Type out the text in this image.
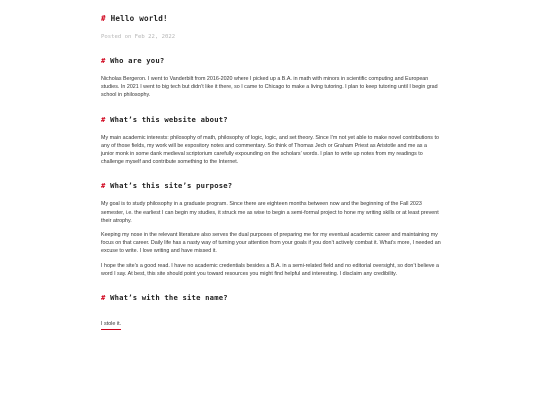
# Hello world!
Posted on Feb 22, 2022
# Who are you?

Nicholas Bergeron. I went to Vanderbilt from 2016-2020 where I picked up a B.A. in math with minors in scientific computing and European studies. In 2021 I went to big tech but didn’t like it there, so I came to Chicago to make a living tutoring. I plan to keep tutoring until I begin grad school in philosophy.

# What’s this website about?

My main academic interests: philosophy of math, philosophy of logic, logic, and set theory. Since I’m not yet able to make novel contributions to any of those fields, my work will be expository notes and commentary. So think of Thomas Jech or Graham Priest as Aristotle and me as a junior monk in some dank medieval scriptorium carefully expounding on the scholars’ words. I plan to write up notes from my readings to challenge myself and contribute something to the Internet.

# What’s this site’s purpose?

My goal is to study philosophy in a graduate program. Since there are eighteen months between now and the beginning of the Fall 2023 semester, i.e. the earliest I can begin my studies, it struck me as wise to begin a semi-formal project to hone my writing skills or at least prevent their atrophy.

Keeping my nose in the relevant literature also serves the dual purposes of preparing me for my eventual academic career and maintaining my focus on that career. Daily life has a nasty way of turning your attention from your goals if you don’t actively combat it. What’s more, I needed an excuse to write. I love writing and have missed it.

I hope the site’s a good read. I have no academic credentials besides a B.A. in a semi-related field and no editorial oversight, so don’t believe a word I say. At best, this site should point you toward resources you might find helpful and interesting. I disclaim any credibility.

# What’s with the site name?
I stole it.
